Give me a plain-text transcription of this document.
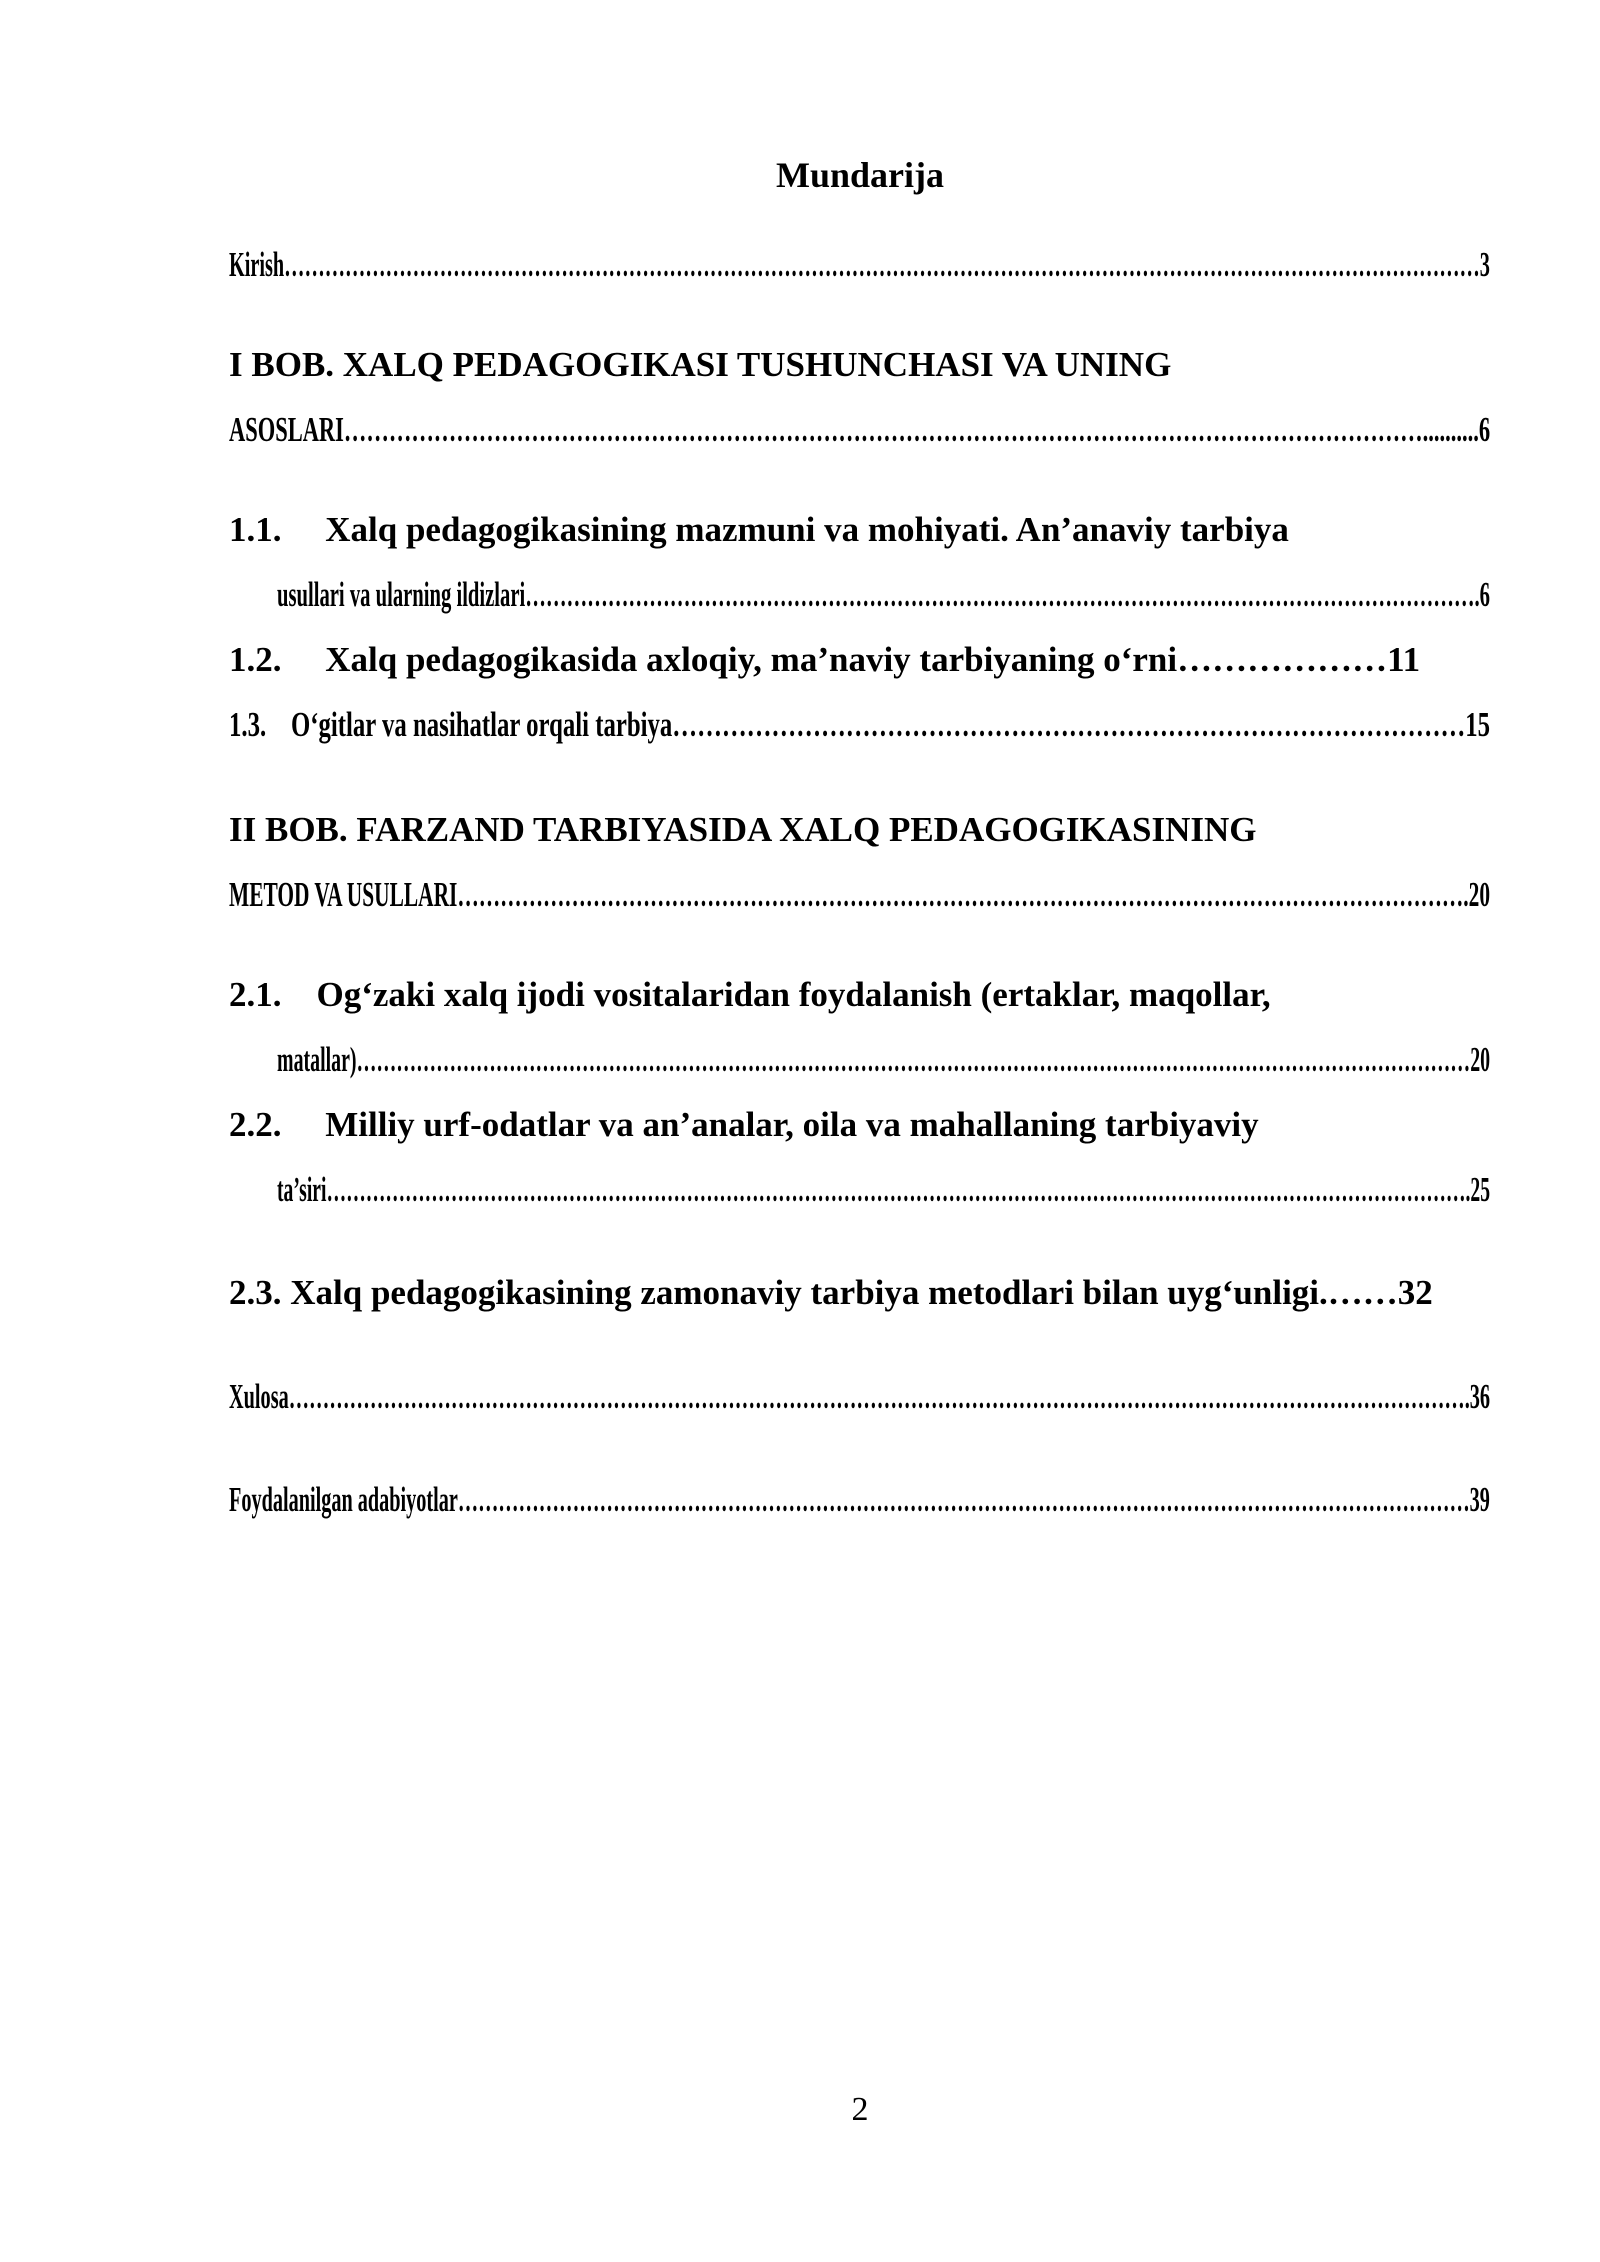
Mundarija
Kirish……………………………………………………………………………………………………………………………………………………………3
I BOB. XALQ PEDAGOGIKASI TUSHUNCHASI VA UNING
ASOSLARI………………………………………………………………………………………………………………………………..........6
1.1.     Xalq pedagogikasining mazmuni va mohiyati. An’anaviy tarbiya
usullari va ularning ildizlari………………………………………………………………………………………………………………………….6
1.2.     Xalq pedagogikasida axloqiy, ma’naviy tarbiyaning o‘rni………………11
1.3.    O‘gitlar va nasihatlar orqali tarbiya……………………………………………………………………………………15
II BOB. FARZAND TARBIYASIDA XALQ PEDAGOGIKASINING
METOD VA USULLARI…………………………………………………………………………………………………………………………….20
2.1.    Og‘zaki xalq ijodi vositalaridan foydalanish (ertaklar, maqollar,
matallar)……………………………………………………………………………………………………………………………………………………20
2.2.     Milliy urf-odatlar va an’analar, oila va mahallaning tarbiyaviy
ta’siri………………………………………………………………………………………………………………………………………………………….25
2.3. Xalq pedagogikasining zamonaviy tarbiya metodlari bilan uyg‘unligi.……32
Xulosa………………………………………………………………………………………………………………………………………………………….36
Foydalanilgan adabiyotlar……………………………………………………………………………………………………………………………………39
2
